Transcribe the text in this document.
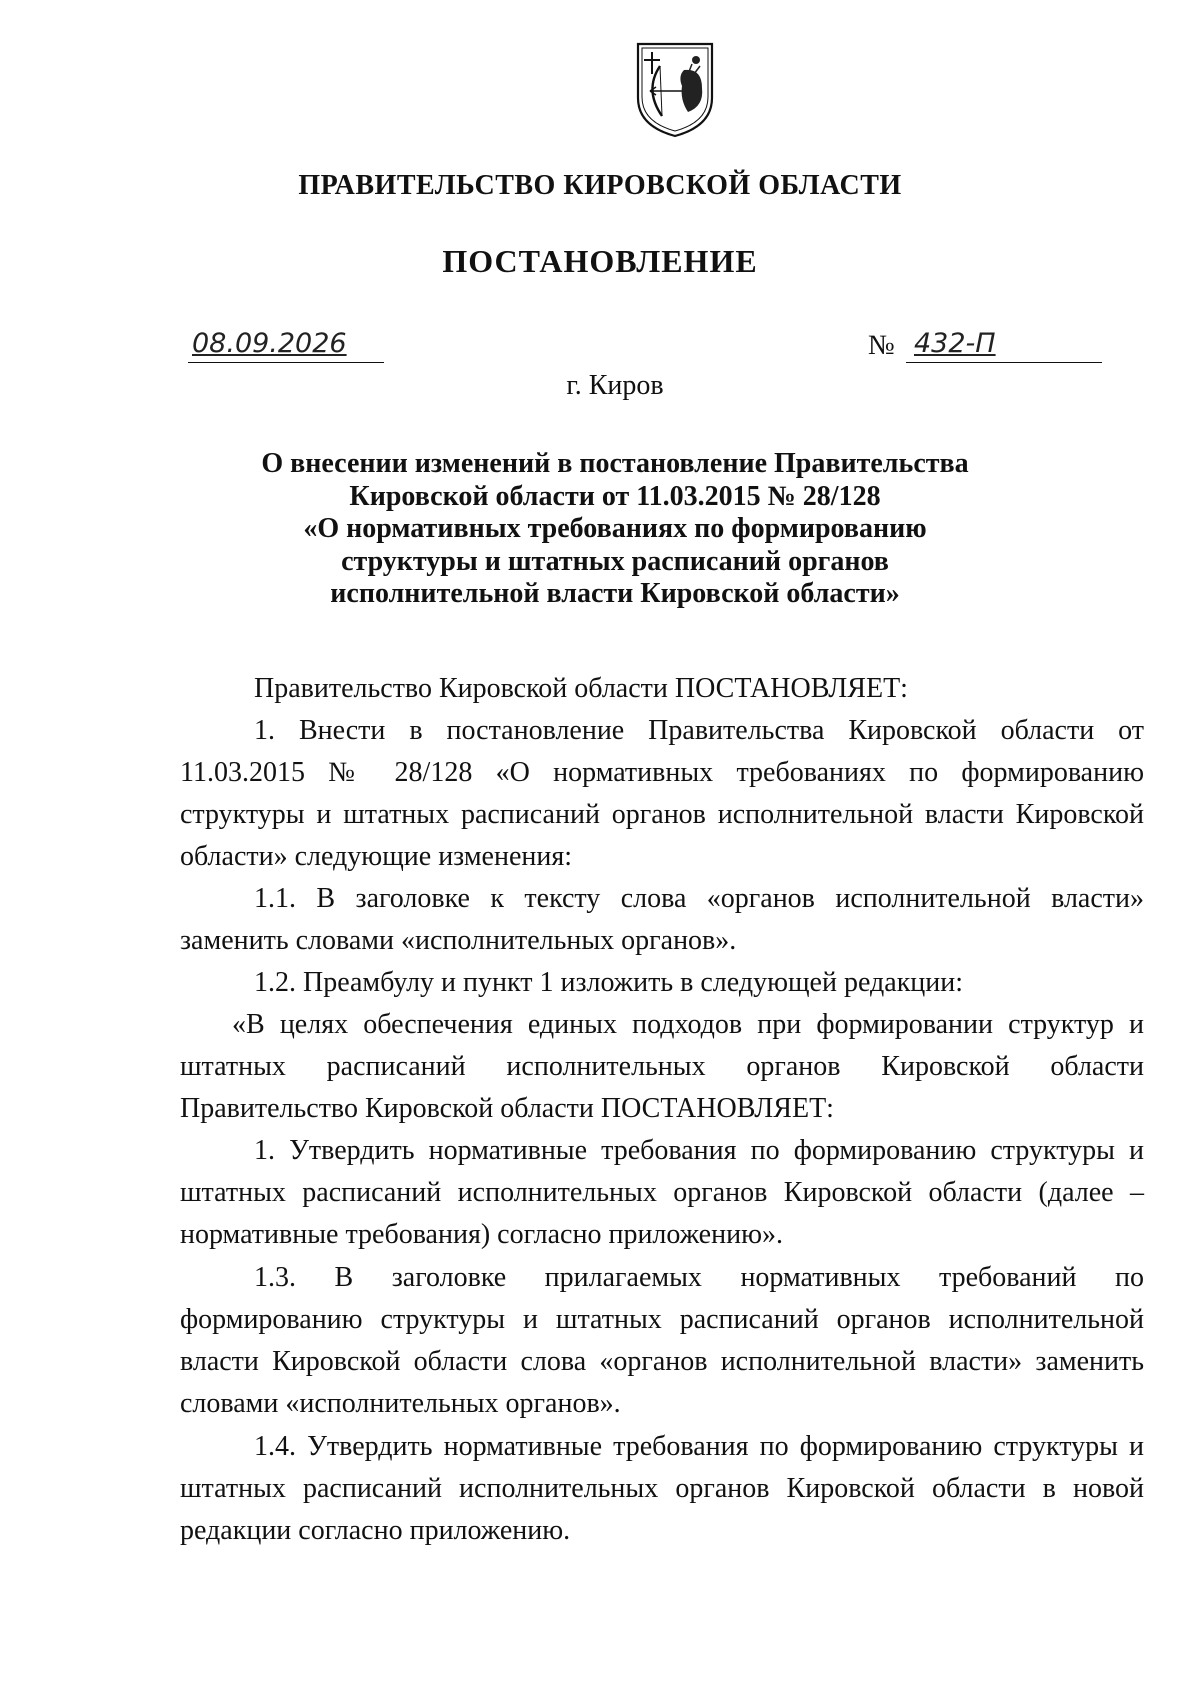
ПРАВИТЕЛЬСТВО КИРОВСКОЙ ОБЛАСТИ
ПОСТАНОВЛЕНИЕ
08.09.2026	№ 432-П
г. Киров
О внесении изменений в постановление Правительства
Кировской области от 11.03.2015 № 28/128
«О нормативных требованиях по формированию
структуры и штатных расписаний органов
исполнительной власти Кировской области»

Правительство Кировской области ПОСТАНОВЛЯЕТ:

1. Внести в постановление Правительства Кировской области от 11.03.2015 № 28/128 «О нормативных требованиях по формированию структуры и штатных расписаний органов исполнительной власти Кировской области» следующие изменения:

1.1. В заголовке к тексту слова «органов исполнительной власти» заменить словами «исполнительных органов».

1.2. Преамбулу и пункт 1 изложить в следующей редакции:

«В целях обеспечения единых подходов при формировании структур и штатных расписаний исполнительных органов Кировской области Правительство Кировской области ПОСТАНОВЛЯЕТ:

1. Утвердить нормативные требования по формированию структуры и штатных расписаний исполнительных органов Кировской области (далее – нормативные требования) согласно приложению».

1.3. В заголовке прилагаемых нормативных требований по формированию структуры и штатных расписаний органов исполнительной власти Кировской области слова «органов исполнительной власти» заменить словами «исполнительных органов».

1.4. Утвердить нормативные требования по формированию структуры и штатных расписаний исполнительных органов Кировской области в новой редакции согласно приложению.
